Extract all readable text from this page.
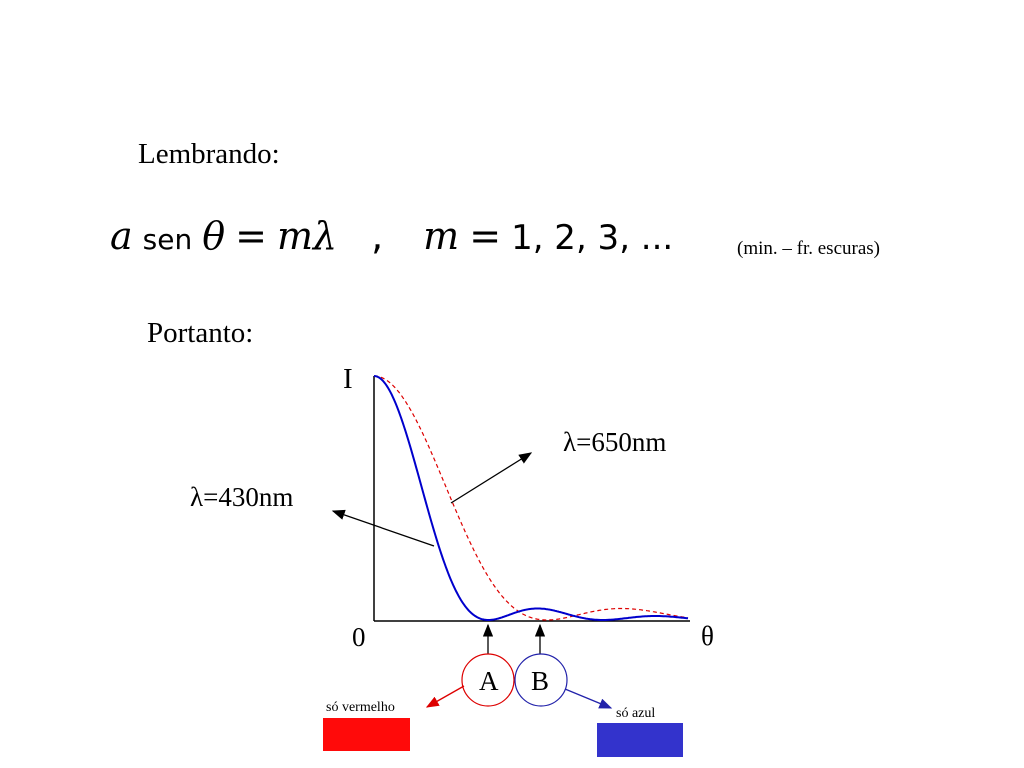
Lembrando:
a sen θ = mλ , m = 1, 2, 3, ...	(min. – fr. escuras)
Portanto:
I
θ
0
λ=650nm
λ=430nm
A B
só vermelho	só azul
